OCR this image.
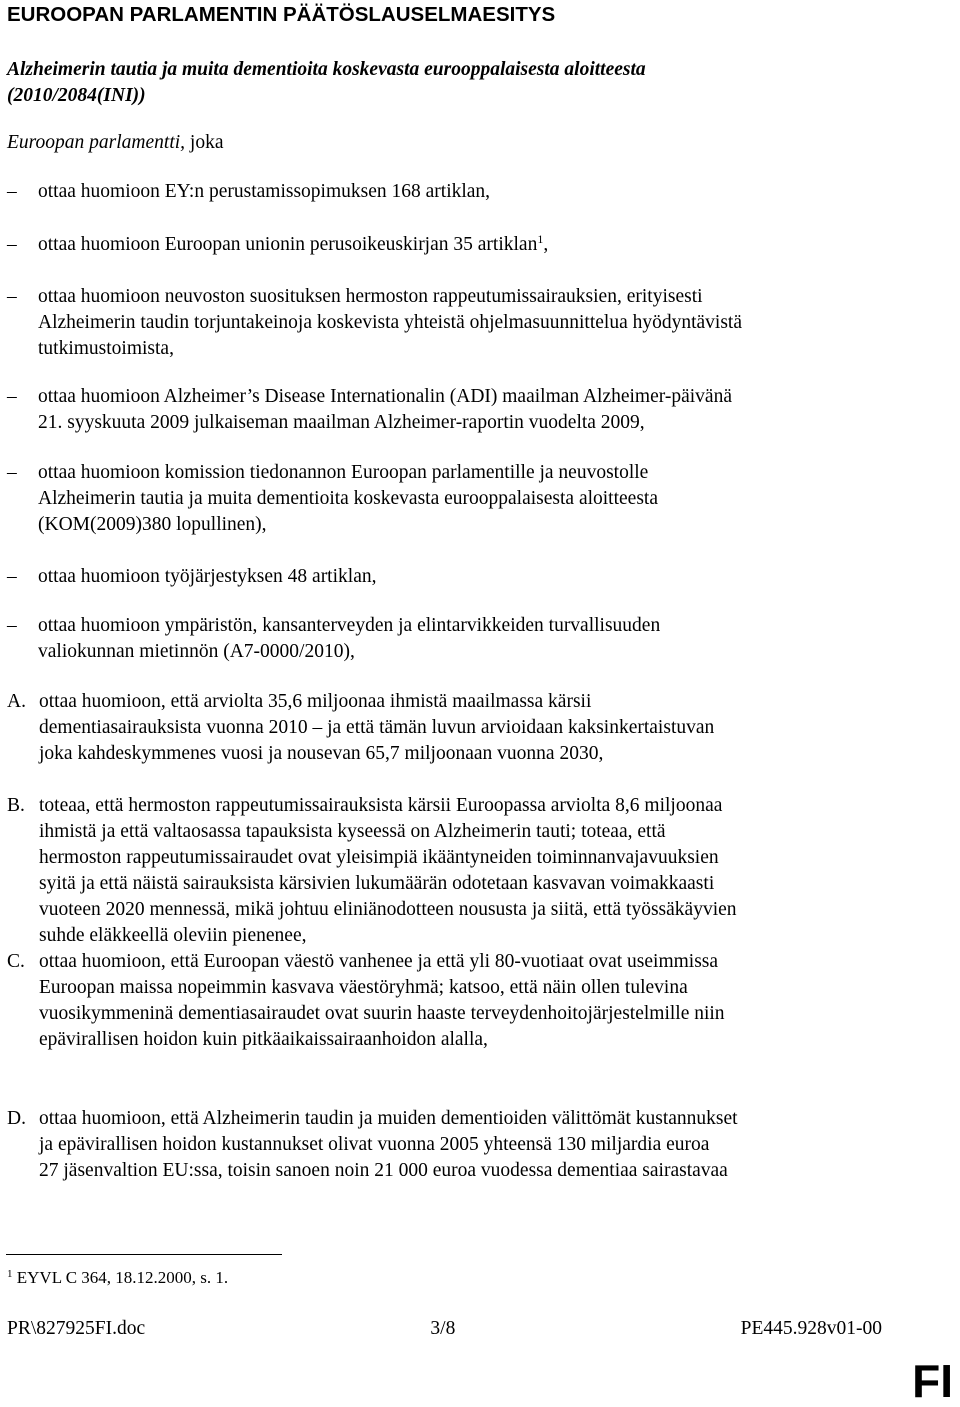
EUROOPAN PARLAMENTIN PÄÄTÖSLAUSELMAESITYS
Alzheimerin tautia ja muita dementioita koskevasta eurooppalaisesta aloitteesta
(2010/2084(INI))
Euroopan parlamentti, joka
– ottaa huomioon EY:n perustamissopimuksen 168 artiklan,
– ottaa huomioon Euroopan unionin perusoikeuskirjan 35 artiklan$^1$,
– ottaa huomioon neuvoston suosituksen hermoston rappeutumissairauksien, erityisesti
Alzheimerin taudin torjuntakeinoja koskevista yhteistä ohjelmasuunnittelua hyödyntävistä
tutkimustoimista,
– ottaa huomioon Alzheimer’s Disease Internationalin (ADI) maailman Alzheimer-päivänä
21. syyskuuta 2009 julkaiseman maailman Alzheimer-raportin vuodelta 2009,
– ottaa huomioon komission tiedonannon Euroopan parlamentille ja neuvostolle
Alzheimerin tautia ja muita dementioita koskevasta eurooppalaisesta aloitteesta
(KOM(2009)380 lopullinen),
– ottaa huomioon työjärjestyksen 48 artiklan,
– ottaa huomioon ympäristön, kansanterveyden ja elintarvikkeiden turvallisuuden
valiokunnan mietinnön (A7-0000/2010),
A. ottaa huomioon, että arviolta 35,6 miljoonaa ihmistä maailmassa kärsii
dementiasairauksista vuonna 2010 – ja että tämän luvun arvioidaan kaksinkertaistuvan
joka kahdeskymmenes vuosi ja nousevan 65,7 miljoonaan vuonna 2030,
B. toteaa, että hermoston rappeutumissairauksista kärsii Euroopassa arviolta 8,6 miljoonaa
ihmistä ja että valtaosassa tapauksista kyseessä on Alzheimerin tauti; toteaa, että
hermoston rappeutumissairaudet ovat yleisimpiä ikääntyneiden toiminnanvajavuuksien
syitä ja että näistä sairauksista kärsivien lukumäärän odotetaan kasvavan voimakkaasti
vuoteen 2020 mennessä, mikä johtuu eliniänodotteen noususta ja siitä, että työssäkäyvien
suhde eläkkeellä oleviin pienenee,
C. ottaa huomioon, että Euroopan väestö vanhenee ja että yli 80-vuotiaat ovat useimmissa
Euroopan maissa nopeimmin kasvava väestöryhmä; katsoo, että näin ollen tulevina
vuosikymmeninä dementiasairaudet ovat suurin haaste terveydenhoitojärjestelmille niin
epävirallisen hoidon kuin pitkäaikaissairaanhoidon alalla,
D. ottaa huomioon, että Alzheimerin taudin ja muiden dementioiden välittömät kustannukset
ja epävirallisen hoidon kustannukset olivat vuonna 2005 yhteensä 130 miljardia euroa
27 jäsenvaltion EU:ssa, toisin sanoen noin 21 000 euroa vuodessa dementiaa sairastavaa
$^1$ EYVL C 364, 18.12.2000, s. 1.
PR\827925FI.doc	3/8	PE445.928v01-00
FI
